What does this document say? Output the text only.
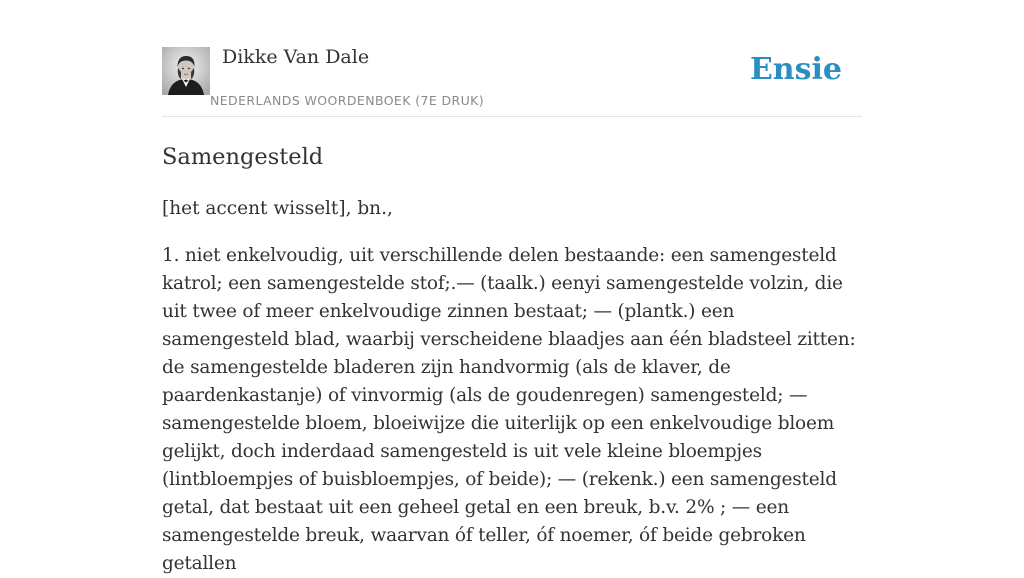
Dikke Van Dale
NEDERLANDS WOORDENBOEK (7E DRUK)
Ensie
Samengesteld

[het accent wisselt], bn.,

1. niet enkelvoudig, uit verschillende delen bestaande: een samengesteld katrol; een samengestelde stof;.— (taalk.) eenyi samengestelde volzin, die uit twee of meer enkelvoudige zinnen bestaat; — (plantk.) een samengesteld blad, waarbij verscheidene blaadjes aan één bladsteel zitten: de samengestelde bladeren zijn handvormig (als de klaver, de paardenkastanje) of vinvormig (als de goudenregen) samengesteld; — samengestelde bloem, bloeiwijze die uiterlijk op een enkelvoudige bloem gelijkt, doch inderdaad samengesteld is uit vele kleine bloempjes (lintbloempjes of buisbloempjes, of beide); — (rekenk.) een samengesteld getal, dat bestaat uit een geheel getal en een breuk, b.v. 2% ; — een samengestelde breuk, waarvan óf teller, óf noemer, óf beide gebroken getallen
